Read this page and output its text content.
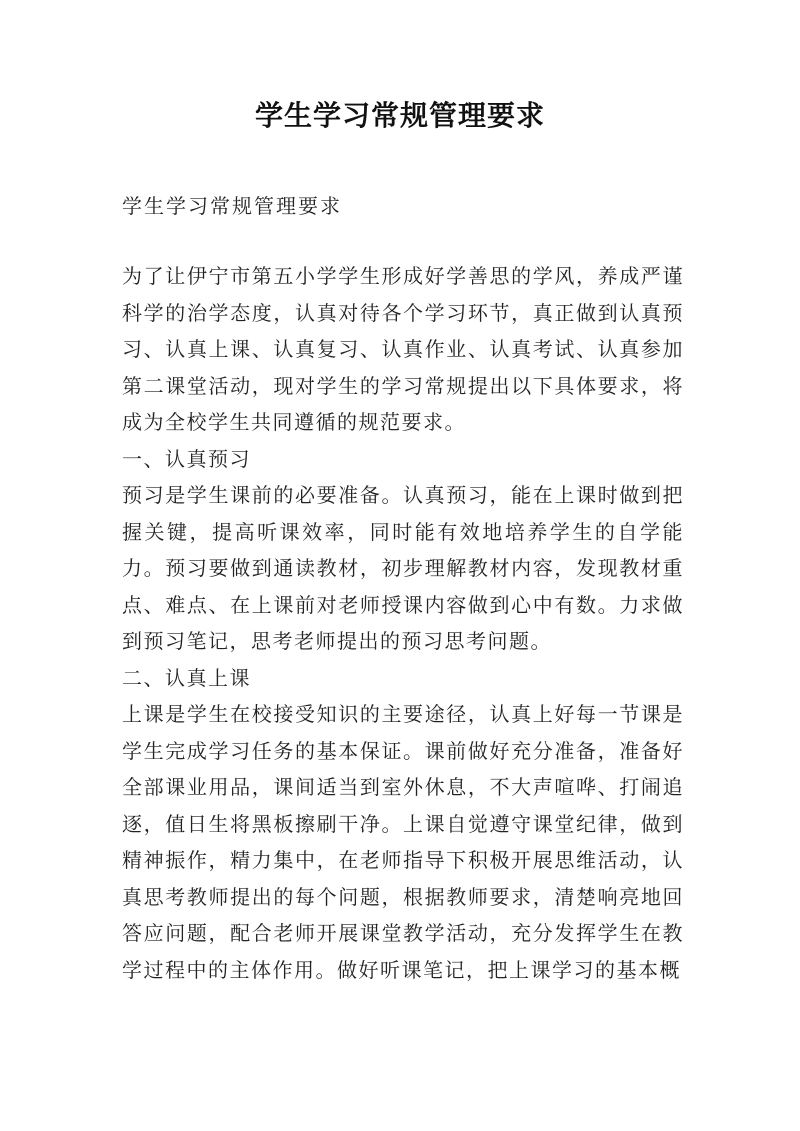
学生学习常规管理要求
学生学习常规管理要求

为了让伊宁市第五小学学生形成好学善思的学风，养成严谨科学的治学态度，认真对待各个学习环节，真正做到认真预习、认真上课、认真复习、认真作业、认真考试、认真参加第二课堂活动，现对学生的学习常规提出以下具体要求，将成为全校学生共同遵循的规范要求。

一、认真预习

预习是学生课前的必要准备。认真预习，能在上课时做到把握关键，提高听课效率，同时能有效地培养学生的自学能力。预习要做到通读教材，初步理解教材内容，发现教材重点、难点、在上课前对老师授课内容做到心中有数。力求做到预习笔记，思考老师提出的预习思考问题。

二、认真上课

上课是学生在校接受知识的主要途径，认真上好每一节课是学生完成学习任务的基本保证。课前做好充分准备，准备好全部课业用品，课间适当到室外休息，不大声喧哗、打闹追逐，值日生将黑板擦刷干净。上课自觉遵守课堂纪律，做到精神振作，精力集中，在老师指导下积极开展思维活动，认真思考教师提出的每个问题，根据教师要求，清楚响亮地回答应问题，配合老师开展课堂教学活动，充分发挥学生在教学过程中的主体作用。做好听课笔记，把上课学习的基本概
